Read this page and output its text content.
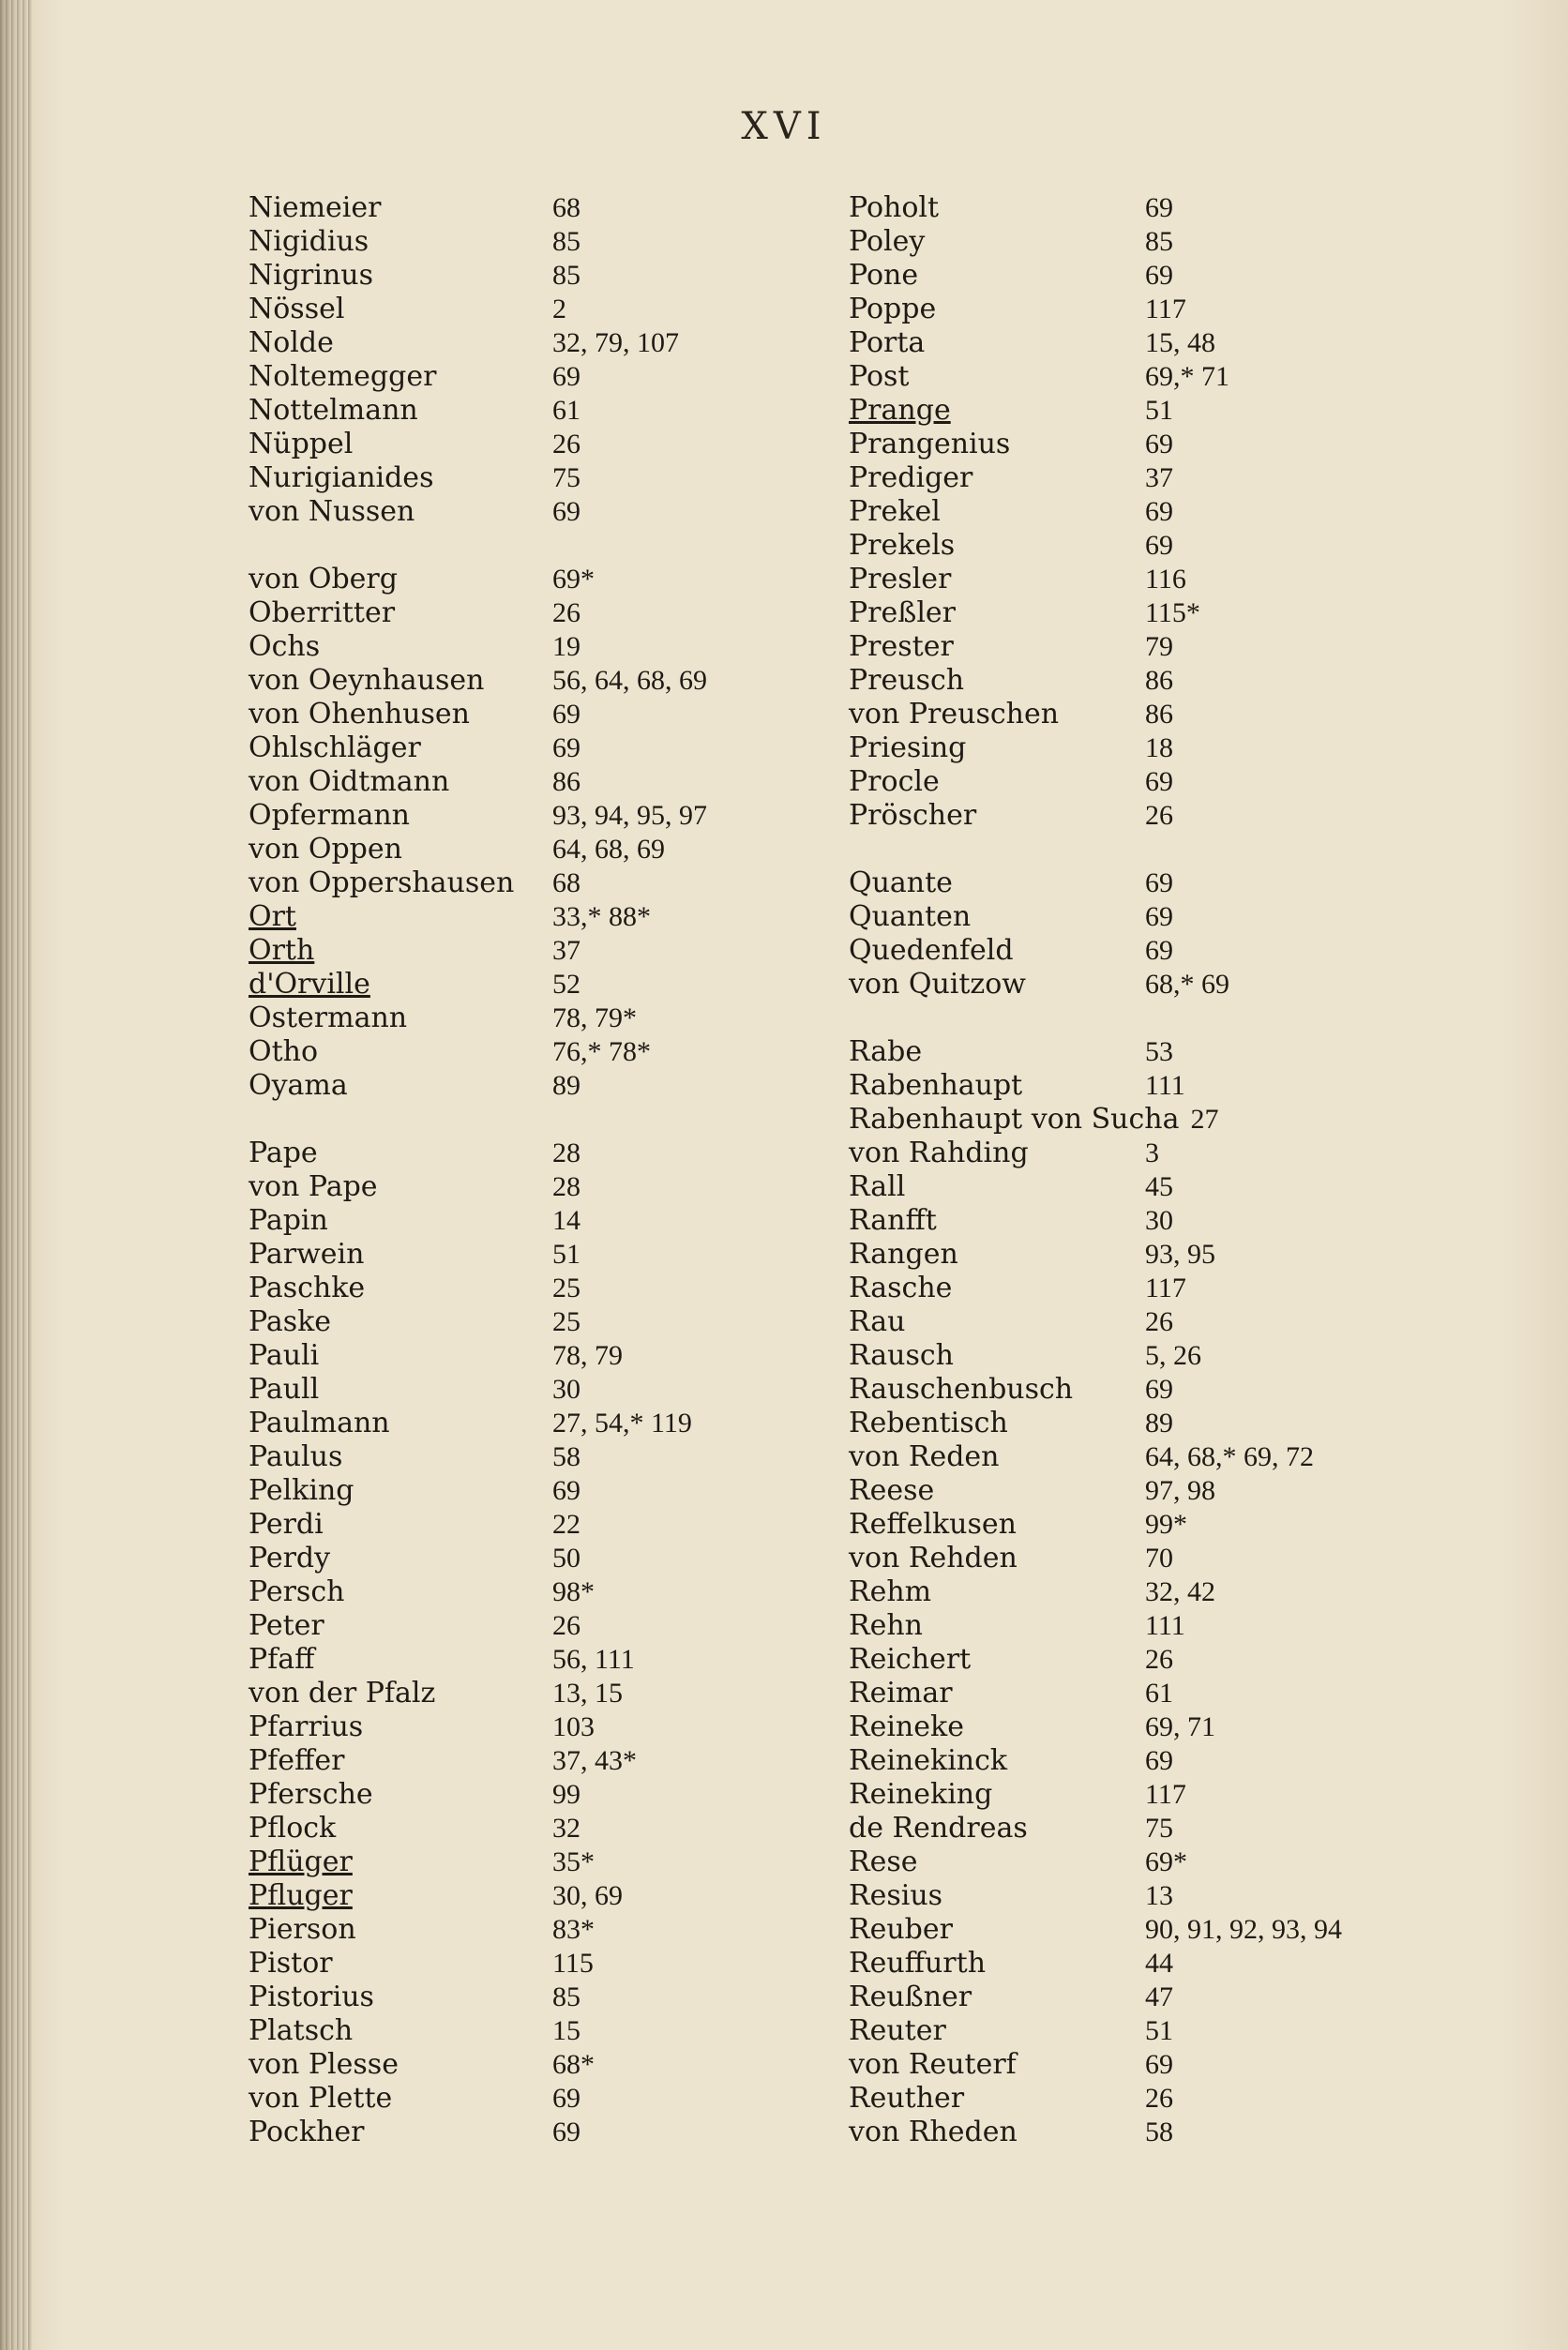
XVI
Niemeier	68
Nigidius	85
Nigrinus	85
Nössel	2
Nolde	32, 79, 107
Noltemegger	69
Nottelmann	61
Nüppel	26
Nurigianides	75
von Nussen	69
von Oberg	69*
Oberritter	26
Ochs	19
von Oeynhausen 56, 64, 68, 69
von Ohenhusen	69
Ohlschläger	69
von Oidtmann	86
Opfermann	93, 94, 95, 97
von Oppen	64, 68, 69
von Oppershausen 68
Ort	33,* 88*
Orth	37
d'Orville	52
Ostermann	78, 79*
Otho	76,* 78*
Oyama	89
Pape	28
von Pape	28
Papin	14
Parwein	51
Paschke	25
Paske	25
Pauli	78, 79
Paull	30
Paulmann	27, 54,* 119
Paulus	58
Pelking	69
Perdi	22
Perdy	50
Persch	98*
Peter	26
Pfaff	56, 111
von der Pfalz	13, 15
Pfarrius	103
Pfeffer	37, 43*
Pfersche	99
Pflock	32
Pflüger	35*
Pfluger	30, 69
Pierson	83*
Pistor	115
Pistorius	85
Platsch	15
von Plesse	68*
von Plette	69
Pockher	69
Poholt	69
Poley	85
Pone	69
Poppe	117
Porta	15, 48
Post	69,* 71
Prange	51
Prangenius	69
Prediger	37
Prekel	69
Prekels	69
Presler	116
Preßler	115*
Prester	79
Preusch	86
von Preuschen	86
Priesing	18
Procle	69
Pröscher	26
Quante	69
Quanten	69
Quedenfeld	69
von Quitzow	68,* 69
Rabe	53
Rabenhaupt	111
Rabenhaupt von Sucha 27
von Rahding	3
Rall	45
Ranfft	30
Rangen	93, 95
Rasche	117
Rau	26
Rausch	5, 26
Rauschenbusch	69
Rebentisch	89
von Reden	64, 68,* 69, 72
Reese	97, 98
Reffelkusen	99*
von Rehden	70
Rehm	32, 42
Rehn	111
Reichert	26
Reimar	61
Reineke	69, 71
Reinekinck	69
Reineking	117
de Rendreas	75
Rese	69*
Resius	13
Reuber	90, 91, 92, 93, 94
Reuffurth	44
Reußner	47
Reuter	51
von Reuterf	69
Reuther	26
von Rheden	58
